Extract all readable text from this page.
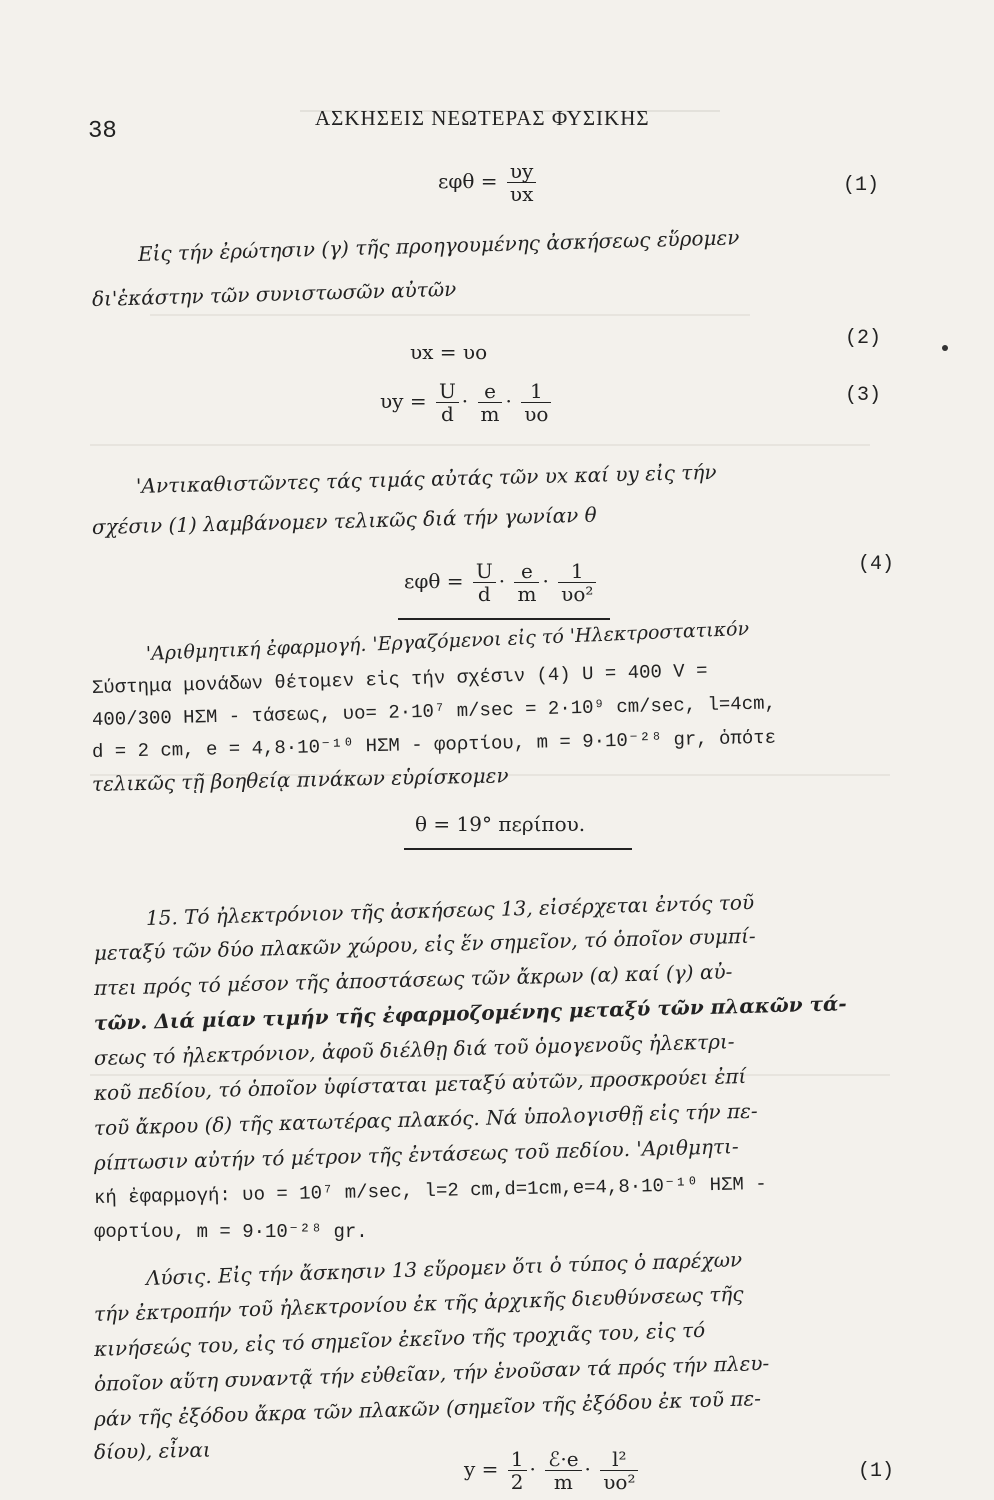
38	ΑΣΚΗΣΕΙΣ ΝΕΩΤΕΡΑΣ ΦΥΣΙΚΗΣ
$\varepsilon\varphi\theta = \frac{\upsilon y}{\upsilon x}$	(1)
Εἰς τήν ἐρώτησιν (γ) τῆς προηγουμένης ἀσκήσεως εὕρομεν
δι'ἑκάστην τῶν συνιστωσῶν αὐτῶν
υx = υo
(2)
$\upsilon y = \frac{U}{d} \cdot \frac{e}{m} \cdot \frac{1}{\upsilon o}$	(3)
'Αντικαθιστῶντες τάς τιμάς αὐτάς τῶν υx καί υy εἰς τήν
σχέσιν (1) λαμβάνομεν τελικῶς διά τήν γωνίαν θ
$\varepsilon\varphi\theta = \frac{U}{d} \cdot \frac{e}{m} \cdot \frac{1}{\text{υo²}}$	(4)
'Αριθμητική ἐφαρμογή. 'Εργαζόμενοι εἰς τό 'Ηλεκτροστατικόν
Σύστημα μονάδων θέτομεν εἰς τήν σχέσιν (4) U = 400 V =
400/300 ΗΣΜ - τάσεως, υo= 2·10⁷ m/sec = 2·10⁹ cm/sec, l=4cm,
d = 2 cm, e = 4,8·10⁻¹⁰ ΗΣΜ - φορτίου, m = 9·10⁻²⁸ gr, ὁπότε
τελικῶς τῇ βοηθείᾳ πινάκων εὑρίσκομεν
θ = 19° περίπου.
15. Τό ἠλεκτρόνιον τῆς ἀσκήσεως 13, εἰσέρχεται ἐντός τοῦ
μεταξύ τῶν δύο πλακῶν χώρου, εἰς ἕν σημεῖον, τό ὁποῖον συμπί-
πτει πρός τό μέσον τῆς ἀποστάσεως τῶν ἄκρων (α) καί (γ) αὐ-
τῶν. Διά μίαν τιμήν τῆς ἐφαρμοζομένης μεταξύ τῶν πλακῶν τά-
σεως τό ἠλεκτρόνιον, ἀφοῦ διέλθῃ διά τοῦ ὁμογενοῦς ἠλεκτρι-
κοῦ πεδίου, τό ὁποῖον ὑφίσταται μεταξύ αὐτῶν, προσκρούει ἐπί
τοῦ ἄκρου (δ) τῆς κατωτέρας πλακός. Νά ὑπολογισθῇ εἰς τήν πε-
ρίπτωσιν αὐτήν τό μέτρον τῆς ἐντάσεως τοῦ πεδίου. 'Αριθμητι-
κή ἐφαρμογή: υo = 10⁷ m/sec, l=2 cm,d=1cm,e=4,8·10⁻¹⁰ ΗΣΜ -
φορτίου, m = 9·10⁻²⁸ gr.
Λύσις. Εἰς τήν ἄσκησιν 13 εὕρομεν ὅτι ὁ τύπος ὁ παρέχων
τήν ἐκτροπήν τοῦ ἠλεκτρονίου ἐκ τῆς ἀρχικῆς διευθύνσεως τῆς
κινήσεώς του, εἰς τό σημεῖον ἐκεῖνο τῆς τροχιᾶς του, εἰς τό
ὁποῖον αὕτη συναντᾷ τήν εὐθεῖαν, τήν ἑνοῦσαν τά πρός τήν πλευ-
ράν τῆς ἐξόδου ἄκρα τῶν πλακῶν (σημεῖον τῆς ἐξόδου ἐκ τοῦ πε-
δίου), εἶναι
$y = \frac{1}{2} \cdot \frac{\text{ℰ·e}}{m} \cdot \frac{\text{l²}}{\text{υo²}}$	(1)
